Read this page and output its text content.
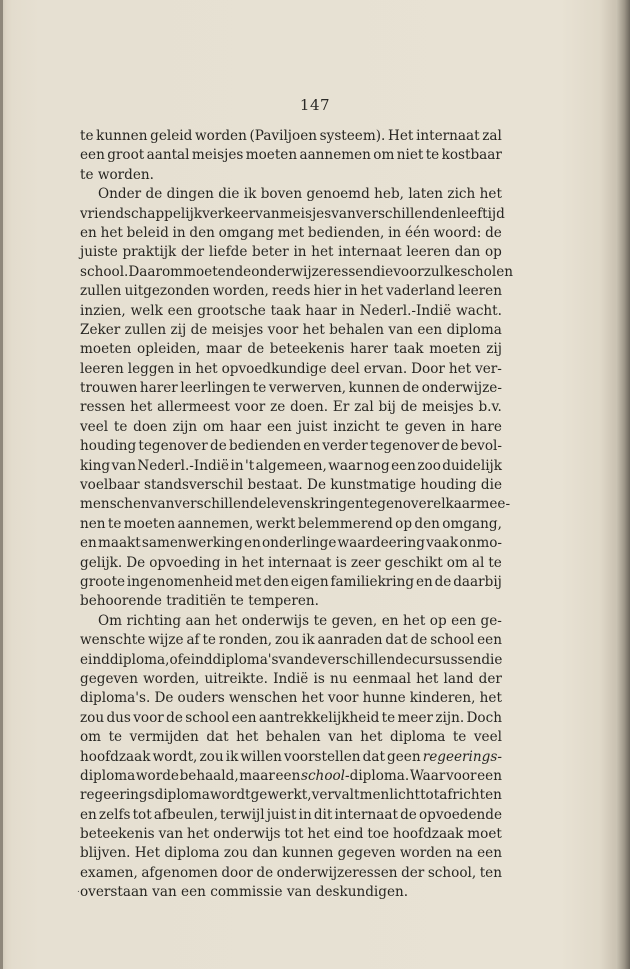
147
te kunnen geleid worden (Paviljoen systeem). Het internaat zal
een groot aantal meisjes moeten aannemen om niet te kostbaar
te worden.
Onder de dingen die ik boven genoemd heb, laten zich het
vriendschappelijk verkeer van meisjes van verschillenden leeftijd
en het beleid in den omgang met bedienden, in één woord: de
juiste praktijk der liefde beter in het internaat leeren dan op
school. Daarom moeten de onderwijzeressen die voor zulke scholen
zullen uitgezonden worden, reeds hier in het vaderland leeren
inzien, welk een grootsche taak haar in Nederl.-Indië wacht.
Zeker zullen zij de meisjes voor het behalen van een diploma
moeten opleiden, maar de beteekenis harer taak moeten zij
leeren leggen in het opvoedkundige deel ervan. Door het ver-
trouwen harer leerlingen te verwerven, kunnen de onderwijze-
ressen het allermeest voor ze doen. Er zal bij de meisjes b.v.
veel te doen zijn om haar een juist inzicht te geven in hare
houding tegenover de bedienden en verder tegenover de bevol-
king van Nederl.-Indië in 't algemeen, waar nog een zoo duidelijk
voelbaar standsverschil bestaat. De kunstmatige houding die
menschen van verschillende levenskringen tegenover elkaar mee-
nen te moeten aannemen, werkt belemmerend op den omgang,
en maakt samenwerking en onderlinge waardeering vaak onmo-
gelijk. De opvoeding in het internaat is zeer geschikt om al te
groote ingenomenheid met den eigen familiekring en de daarbij
behoorende traditiën te temperen.
Om richting aan het onderwijs te geven, en het op een ge-
wenschte wijze af te ronden, zou ik aanraden dat de school een
einddiploma, of einddiploma's van de verschillende cursussen die
gegeven worden, uitreikte. Indië is nu eenmaal het land der
diploma's. De ouders wenschen het voor hunne kinderen, het
zou dus voor de school een aantrekkelijkheid te meer zijn. Doch
om te vermijden dat het behalen van het diploma te veel
hoofdzaak wordt, zou ik willen voorstellen dat geen regeerings-
diploma worde behaald, maar een school-diploma. Waar voor een
regeeringsdiploma wordt gewerkt, vervalt men licht tot africhten
en zelfs tot afbeulen, terwijl juist in dit internaat de opvoedende
beteekenis van het onderwijs tot het eind toe hoofdzaak moet
blijven. Het diploma zou dan kunnen gegeven worden na een
examen, afgenomen door de onderwijzeressen der school, ten
overstaan van een commissie van deskundigen.
.
